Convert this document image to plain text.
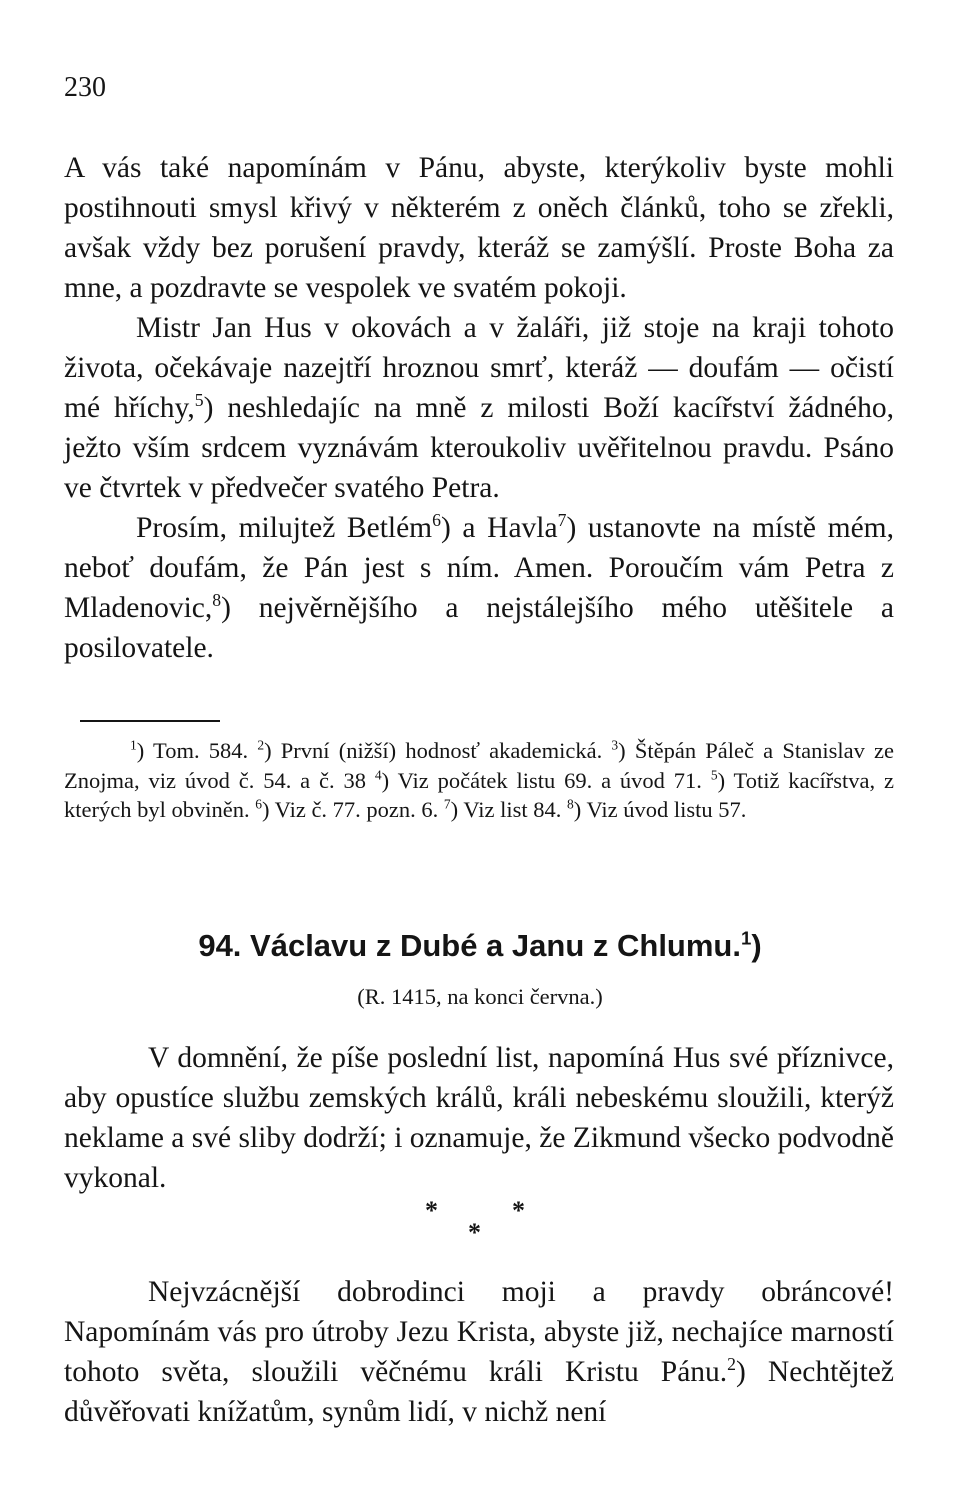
230

A vás také napomínám v Pánu, abyste, kterýkoliv byste mohli postihnouti smysl křivý v některém z oněch článků, toho se zřekli, avšak vždy bez porušení pravdy, kteráž se zamýšlí. Proste Boha za mne, a pozdravte se vespolek ve svatém pokoji.

Mistr Jan Hus v okovách a v žaláři, již stoje na kraji tohoto života, očekávaje nazejtří hroznou smrť, kteráž — doufám — očistí mé hříchy,$^5$) neshledajíc na mně z milosti Boží kacířství žádného, ježto vším srdcem vyznávám kteroukoliv uvěřitelnou pravdu. Psáno ve čtvrtek v předvečer svatého Petra.

Prosím, milujtež Betlém$^6$) a Havla$^7$) ustanovte na místě mém, neboť doufám, že Pán jest s ním. Amen. Poroučím vám Petra z Mladenovic,$^8$) nejvěrnějšího a nejstálejšího mého utěšitele a posilovatele.

$^1$) Tom. 584. $^2$) První (nižší) hodnosť akademická. $^3$) Štěpán Páleč a Stanislav ze Znojma, viz úvod č. 54. a č. 38 $^4$) Viz počátek listu 69. a úvod 71. $^5$) Totiž kacířstva, z kterých byl obviněn. $^6$) Viz č. 77. pozn. 6. $^7$) Viz list 84. $^8$) Viz úvod listu 57.

94. Václavu z Dubé a Janu z Chlumu.$^1$)
(R. 1415, na konci června.)

V domnění, že píše poslední list, napomíná Hus své příznivce, aby opustíce službu zemských králů, králi nebeskému sloužili, kterýž neklame a své sliby dodrží; i oznamuje, že Zikmund všecko podvodně vykonal.

*	*
*

Nejvzácnější dobrodinci moji a pravdy obráncové! Napomínám vás pro útroby Jezu Krista, abyste již, nechajíce marností tohoto světa, sloužili věčnému králi Kristu Pánu.$^2$) Nechtějtež důvěřovati knížatům, synům lidí, v nichž není
